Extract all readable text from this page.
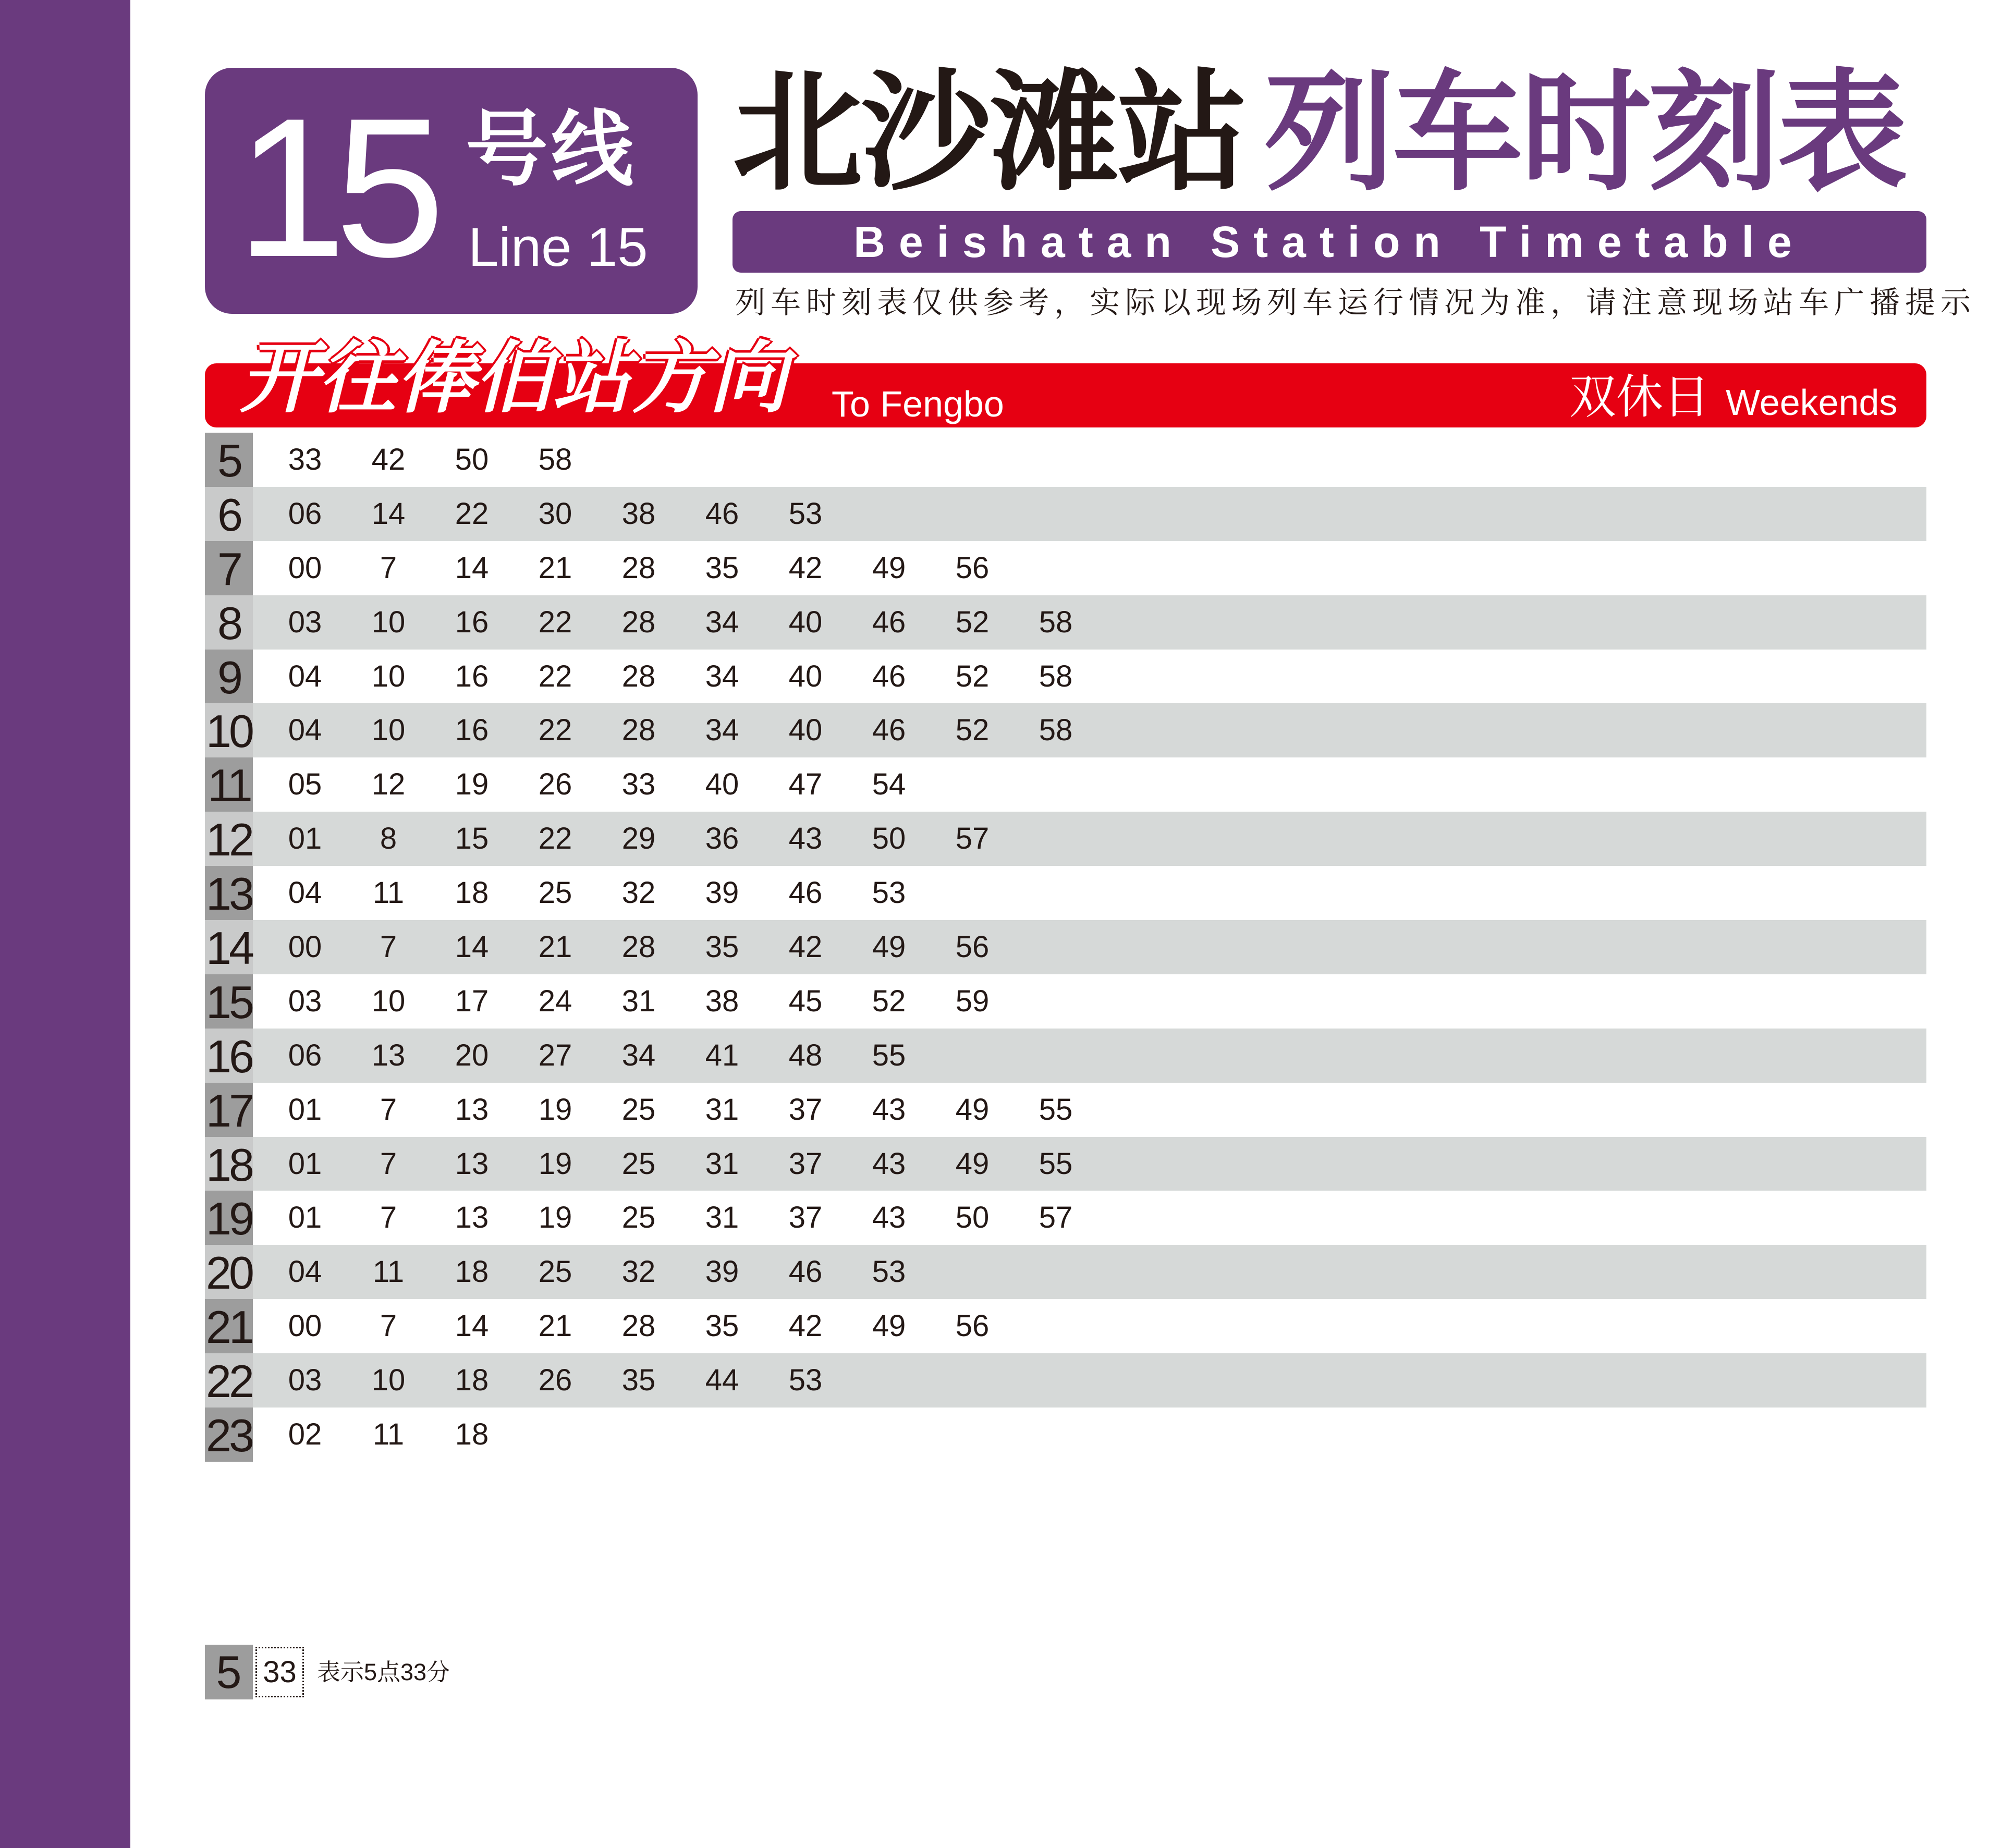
15 号线
Line 15
北沙滩站 列车时刻表
Beishatan Station Timetable
列车时刻表仅供参考，实际以现场列车运行情况为准，请注意现场站车广播提示
开往俸伯站方向 To Fengbo	双休日 Weekends
5	33	42	50	58
6	06	14	22	30	38	46	53
7	00	7	14	21	28	35	42	49	56
8	03	10	16	22	28	34	40	46	52	58
9	04	10	16	22	28	34	40	46	52	58
10	04	10	16	22	28	34	40	46	52	58
11	05	12	19	26	33	40	47	54
12	01	8	15	22	29	36	43	50	57
13	04	11	18	25	32	39	46	53
14	00	7	14	21	28	35	42	49	56
15	03	10	17	24	31	38	45	52	59
16	06	13	20	27	34	41	48	55
17	01	7	13	19	25	31	37	43	49	55
18	01	7	13	19	25	31	37	43	49	55
19	01	7	13	19	25	31	37	43	50	57
20	04	11	18	25	32	39	46	53
21	00	7	14	21	28	35	42	49	56
22	03	10	18	26	35	44	53
23	02	11	18
5 33 表示5点33分
